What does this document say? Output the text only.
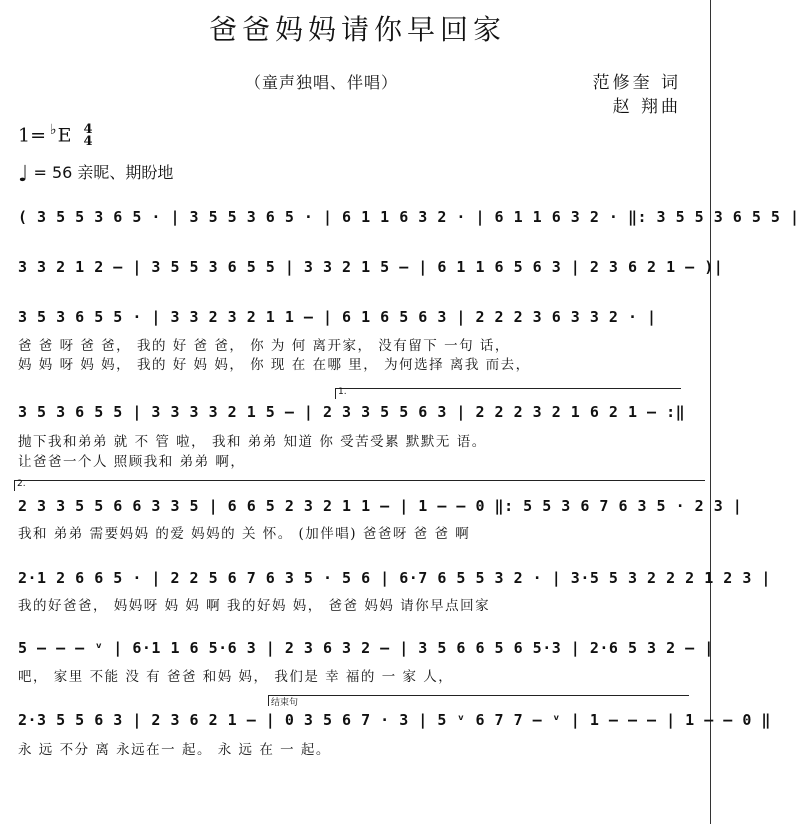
爸爸妈妈请你早回家
（童声独唱、伴唱）	范修奎 词
赵 翔曲
1= ♭E 4
4
♩ = 56 亲昵、期盼地
( 3 5 5 3 6 5 · | 3 5 5 3 6 5 · | 6 1 1 6 3 2 · | 6 1 1 6 3 2 · ‖: 3 5 5 3 6 5 5 |
3 3 2 1 2 – | 3 5 5 3 6 5 5 | 3 3 2 1 5 – | 6 1 1 6 5 6 3 | 2 3 6 2 1 – )|
3 5 3 6 5 5 · | 3 3 2 3 2 1 1 – | 6 1 6 5 6 3 | 2 2 2 3 6 3 3 2 · |
爸 爸 呀 爸 爸， 我的 好 爸 爸， 你 为 何 离开家， 没有留下 一句 话，
妈 妈 呀 妈 妈， 我的 好 妈 妈， 你 现 在 在哪 里， 为何选择 离我 而去，
1.
3 5 3 6 5 5 | 3 3 3 3 2 1 5 – | 2 3 3 5 5 6 3 | 2 2 2 3 2 1 6 2 1 – :‖
抛下我和弟弟 就 不 管 啦， 我和 弟弟 知道 你 受苦受累 默默无 语。
让爸爸一个人 照顾我和 弟弟 啊，
2.
2 3 3 5 5 6 6 3 3 5 | 6 6 5 2 3 2 1 1 – | 1 – – 0 ‖: 5 5 3 6 7 6 3 5 · 2 3 |
我和 弟弟 需要妈妈 的爱 妈妈的 关 怀。 (加伴唱) 爸爸呀 爸 爸 啊
2·1 2 6 6 5 · | 2 2 5 6 7 6 3 5 · 5 6 | 6·7 6 5 5 3 2 · | 3·5 5 3 2 2 2 1 2 3 |
我的好爸爸， 妈妈呀 妈 妈 啊 我的好妈 妈， 爸爸 妈妈 请你早点回家
5 – – – ᵛ | 6·1 1 6 5·6 3 | 2 3 6 3 2 – | 3 5 6 6 5 6 5·3 | 2·6 5 3 2 – |
吧， 家里 不能 没 有 爸爸 和妈 妈， 我们是 幸 福的 一 家 人，
结束句
2·3 5 5 6 3 | 2 3 6 2 1 – | 0 3 5 6 7 · 3 | 5 ᵛ 6 7 7 – ᵛ | 1 – – – | 1 – – 0 ‖
永 远 不分 离 永远在一 起。 永 远 在 一 起。
